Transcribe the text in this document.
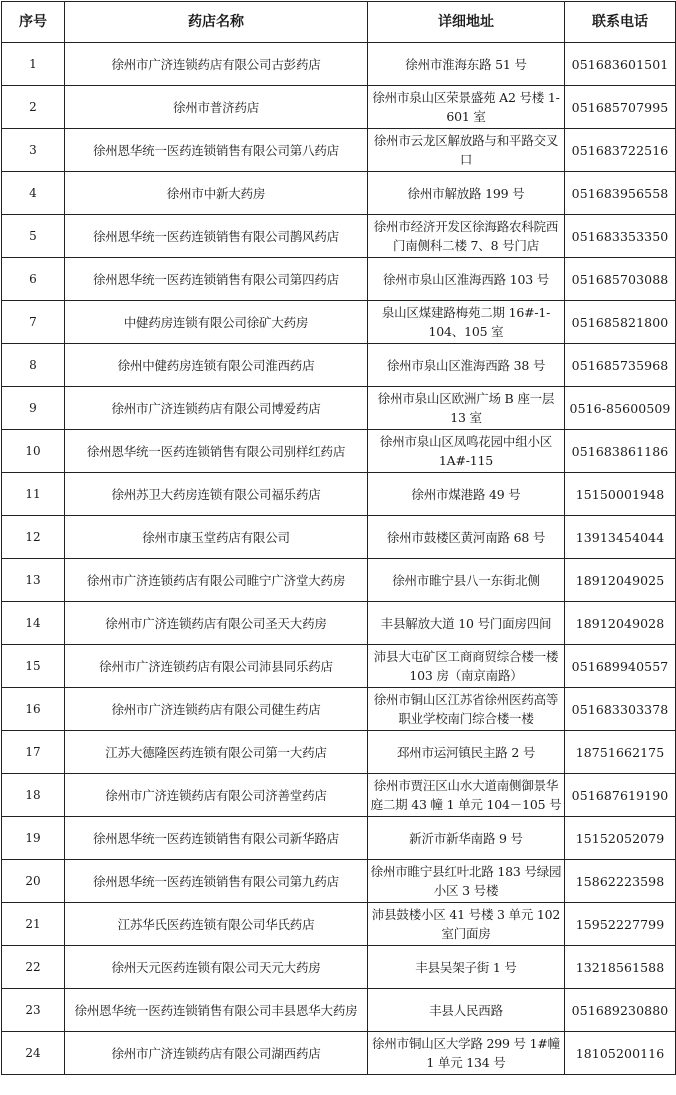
序号	药店名称	详细地址	联系电话
1	徐州市广济连锁药店有限公司古彭药店	徐州市淮海东路 51 号	051683601501
2	徐州市普济药店	徐州市泉山区荣景盛苑 A2 号楼 1-601 室	051685707995
3	徐州恩华统一医药连锁销售有限公司第八药店	徐州市云龙区解放路与和平路交叉口	051683722516
4	徐州市中新大药房	徐州市解放路 199 号	051683956558
5	徐州恩华统一医药连锁销售有限公司鹊风药店	徐州市经济开发区徐海路农科院西门南侧科二楼 7、8 号门店	051683353350
6	徐州恩华统一医药连锁销售有限公司第四药店	徐州市泉山区淮海西路 103 号	051685703088
7	中健药房连锁有限公司徐矿大药房	泉山区煤建路梅苑二期 16#-1-104、105 室	051685821800
8	徐州中健药房连锁有限公司淮西药店	徐州市泉山区淮海西路 38 号	051685735968
9	徐州市广济连锁药店有限公司博爱药店	徐州市泉山区欧洲广场 B 座一层 13 室	0516-85600509
10	徐州恩华统一医药连锁销售有限公司别样红药店	徐州市泉山区凤鸣花园中组小区 1A#-115	051683861186
11	徐州苏卫大药房连锁有限公司福乐药店	徐州市煤港路 49 号	15150001948
12	徐州市康玉堂药店有限公司	徐州市鼓楼区黄河南路 68 号	13913454044
13	徐州市广济连锁药店有限公司睢宁广济堂大药房	徐州市睢宁县八一东街北侧	18912049025
14	徐州市广济连锁药店有限公司圣天大药房	丰县解放大道 10 号门面房四间	18912049028
15	徐州市广济连锁药店有限公司沛县同乐药店	沛县大屯矿区工商商贸综合楼一楼 103 房（南京南路）	051689940557
16	徐州市广济连锁药店有限公司健生药店	徐州市铜山区江苏省徐州医药高等职业学校南门综合楼一楼	051683303378
17	江苏大德隆医药连锁有限公司第一大药店	邳州市运河镇民主路 2 号	18751662175
18	徐州市广济连锁药店有限公司济善堂药店	徐州市贾汪区山水大道南侧御景华庭二期 43 幢 1 单元 104－105 号	051687619190
19	徐州恩华统一医药连锁销售有限公司新华路店	新沂市新华南路 9 号	15152052079
20	徐州恩华统一医药连锁销售有限公司第九药店	徐州市睢宁县红叶北路 183 号绿园小区 3 号楼	15862223598
21	江苏华氏医药连锁有限公司华氏药店	沛县鼓楼小区 41 号楼 3 单元 102 室门面房	15952227799
22	徐州天元医药连锁有限公司天元大药房	丰县吴架子街 1 号	13218561588
23	徐州恩华统一医药连锁销售有限公司丰县恩华大药房	丰县人民西路	051689230880
24	徐州市广济连锁药店有限公司湖西药店	徐州市铜山区大学路 299 号 1#幢 1 单元 134 号	18105200116
